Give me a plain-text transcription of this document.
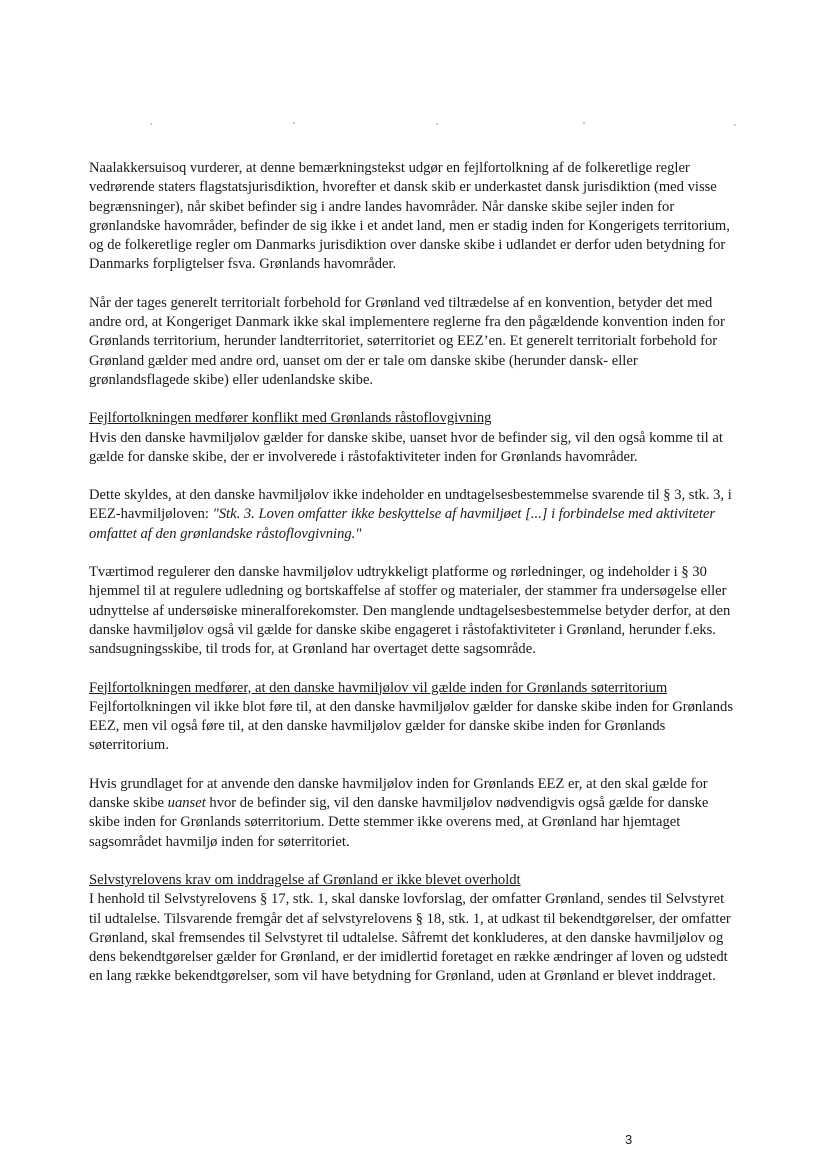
Naalakkersuisoq vurderer, at denne bemærkningstekst udgør en fejlfortolkning af de folkeretlige regler vedrørende staters flagstatsjurisdiktion, hvorefter et dansk skib er underkastet dansk jurisdiktion (med visse begrænsninger), når skibet befinder sig i andre landes havområder. Når danske skibe sejler inden for grønlandske havområder, befinder de sig ikke i et andet land, men er stadig inden for Kongerigets territorium, og de folkeretlige regler om Danmarks jurisdiktion over danske skibe i udlandet er derfor uden betydning for Danmarks forpligtelser fsva. Grønlands havområder.

Når der tages generelt territorialt forbehold for Grønland ved tiltrædelse af en konvention, betyder det med andre ord, at Kongeriget Danmark ikke skal implementere reglerne fra den pågældende konvention inden for Grønlands territorium, herunder landterritoriet, søterritoriet og EEZ’en. Et generelt territorialt forbehold for Grønland gælder med andre ord, uanset om der er tale om danske skibe (herunder dansk- eller grønlandsflagede skibe) eller udenlandske skibe.

Fejlfortolkningen medfører konflikt med Grønlands råstoflovgivning
Hvis den danske havmiljølov gælder for danske skibe, uanset hvor de befinder sig, vil den også komme til at gælde for danske skibe, der er involverede i råstofaktiviteter inden for Grønlands havområder.

Dette skyldes, at den danske havmiljølov ikke indeholder en undtagelsesbestemmelse svarende til § 3, stk. 3, i EEZ-havmiljøloven: "Stk. 3. Loven omfatter ikke beskyttelse af havmiljøet [...] i forbindelse med aktiviteter omfattet af den grønlandske råstoflovgivning."

Tværtimod regulerer den danske havmiljølov udtrykkeligt platforme og rørledninger, og indeholder i § 30 hjemmel til at regulere udledning og bortskaffelse af stoffer og materialer, der stammer fra undersøgelse eller udnyttelse af undersøiske mineralforekomster. Den manglende undtagelsesbestemmelse betyder derfor, at den danske havmiljølov også vil gælde for danske skibe engageret i råstofaktiviteter i Grønland, herunder f.eks. sandsugningsskibe, til trods for, at Grønland har overtaget dette sagsområde.

Fejlfortolkningen medfører, at den danske havmiljølov vil gælde inden for Grønlands søterritorium
Fejlfortolkningen vil ikke blot føre til, at den danske havmiljølov gælder for danske skibe inden for Grønlands EEZ, men vil også føre til, at den danske havmiljølov gælder for danske skibe inden for Grønlands søterritorium.

Hvis grundlaget for at anvende den danske havmiljølov inden for Grønlands EEZ er, at den skal gælde for danske skibe uanset hvor de befinder sig, vil den danske havmiljølov nødvendigvis også gælde for danske skibe inden for Grønlands søterritorium. Dette stemmer ikke overens med, at Grønland har hjemtaget sagsområdet havmiljø inden for søterritoriet.

Selvstyrelovens krav om inddragelse af Grønland er ikke blevet overholdt
I henhold til Selvstyrelovens § 17, stk. 1, skal danske lovforslag, der omfatter Grønland, sendes til Selvstyret til udtalelse. Tilsvarende fremgår det af selvstyrelovens § 18, stk. 1, at udkast til bekendtgørelser, der omfatter Grønland, skal fremsendes til Selvstyret til udtalelse. Såfremt det konkluderes, at den danske havmiljølov og dens bekendtgørelser gælder for Grønland, er der imidlertid foretaget en række ændringer af loven og udstedt en lang række bekendtgørelser, som vil have betydning for Grønland, uden at Grønland er blevet inddraget.
3
